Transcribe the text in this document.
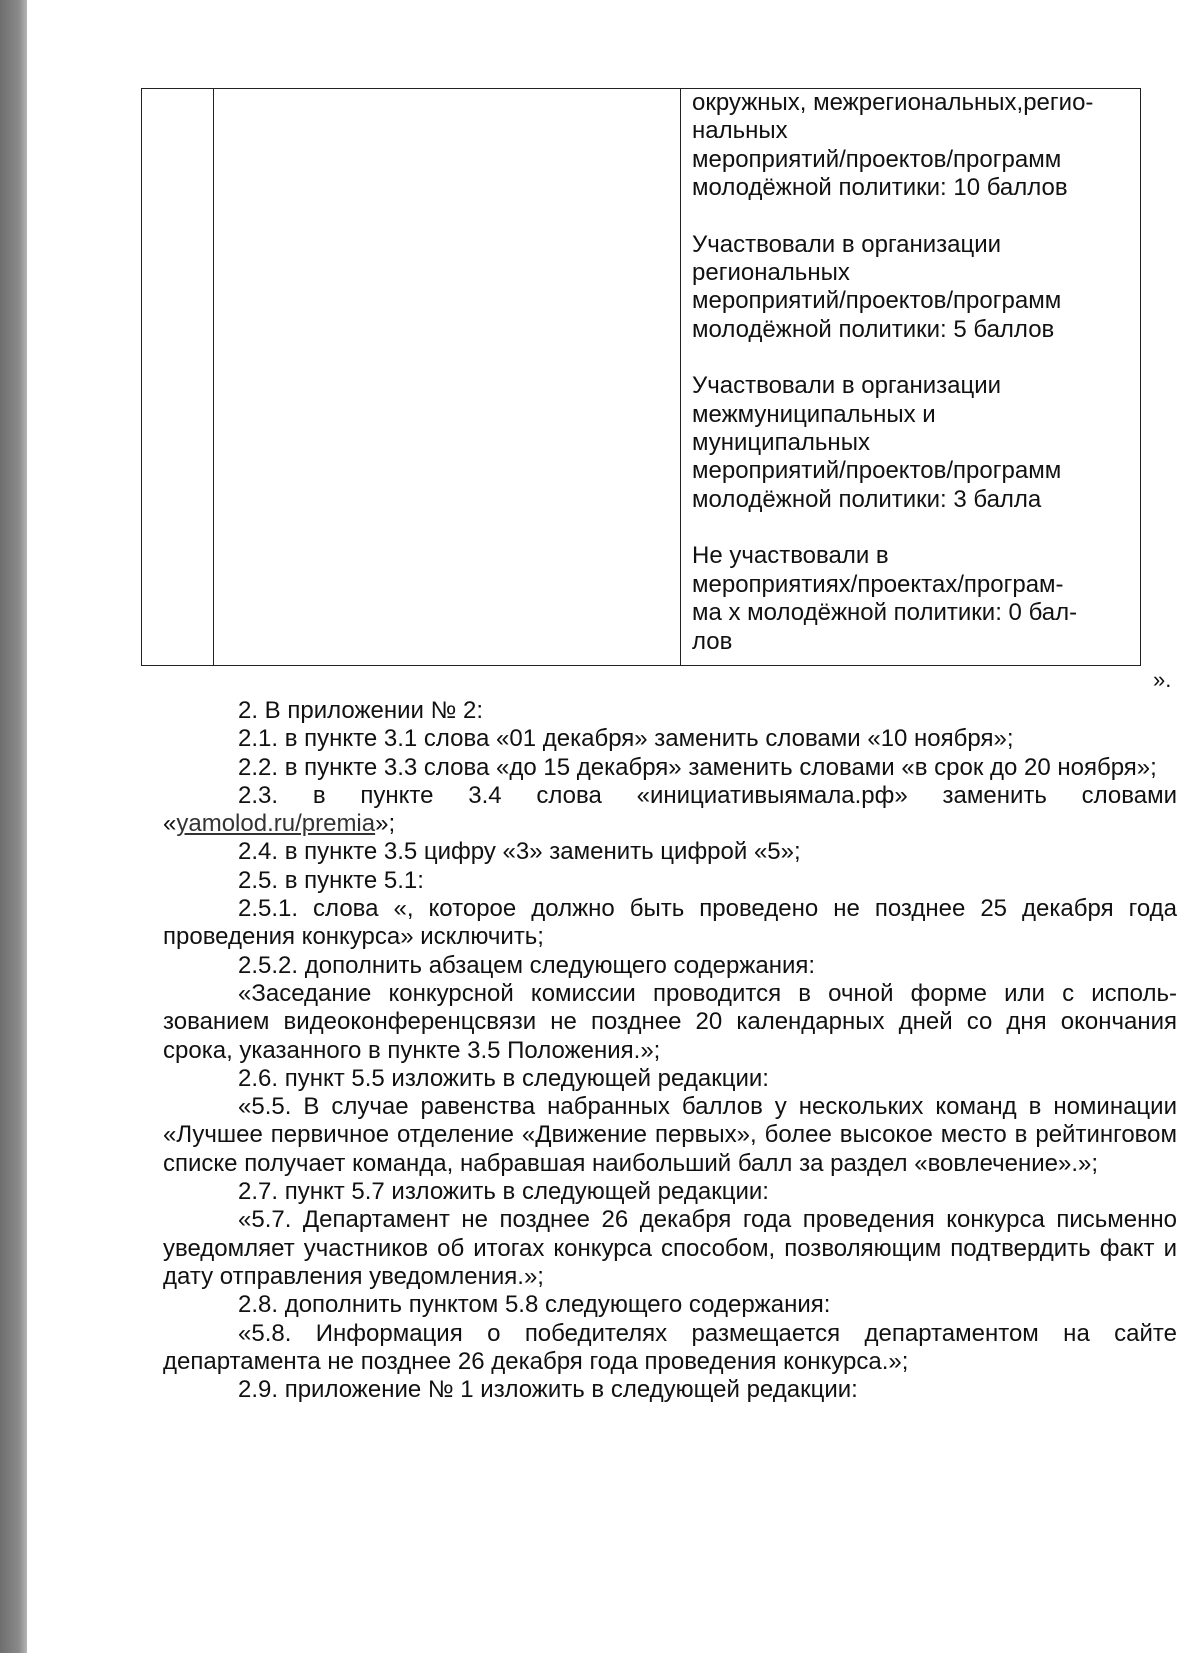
окружных, межрегиональных,регио-

нальных

мероприятий/проектов/программ

молодёжной политики: 10 баллов

Участвовали в организации

региональных

мероприятий/проектов/программ

молодёжной политики: 5 баллов

Участвовали в организации

межмуниципальных и

муниципальных

мероприятий/проектов/программ

молодёжной политики: 3 балла

Не участвовали в

мероприятиях/проектах/програм-

ма х молодёжной политики: 0 бал-

лов

».

2. В приложении № 2:

2.1. в пункте 3.1 слова «01 декабря» заменить словами «10 ноября»;

2.2. в пункте 3.3 слова «до 15 декабря» заменить словами «в срок до 20 ноября»;

2.3. в пункте 3.4 слова «инициативыямала.рф» заменить словами «yamolod.ru/premia»;

2.4. в пункте 3.5 цифру «3» заменить цифрой «5»;

2.5. в пункте 5.1:

2.5.1. слова «, которое должно быть проведено не позднее 25 декабря года проведения конкурса» исключить;

2.5.2. дополнить абзацем следующего содержания:

«Заседание конкурсной комиссии проводится в очной форме или с использованием видеоконференцсвязи не позднее 20 календарных дней со дня окончания срока, указанного в пункте 3.5 Положения.»;

2.6. пункт 5.5 изложить в следующей редакции:

«5.5. В случае равенства набранных баллов у нескольких команд в номинации «Лучшее первичное отделение «Движение первых», более высокое место в рейтинговом списке получает команда, набравшая наибольший балл за раздел «вовлечение».»;

2.7. пункт 5.7 изложить в следующей редакции:

«5.7. Департамент не позднее 26 декабря года проведения конкурса письменно уведомляет участников об итогах конкурса способом, позволяющим подтвердить факт и дату отправления уведомления.»;

2.8. дополнить пунктом 5.8 следующего содержания:

«5.8. Информация о победителях размещается департаментом на сайте департамента не позднее 26 декабря года проведения конкурса.»;

2.9. приложение № 1 изложить в следующей редакции:
